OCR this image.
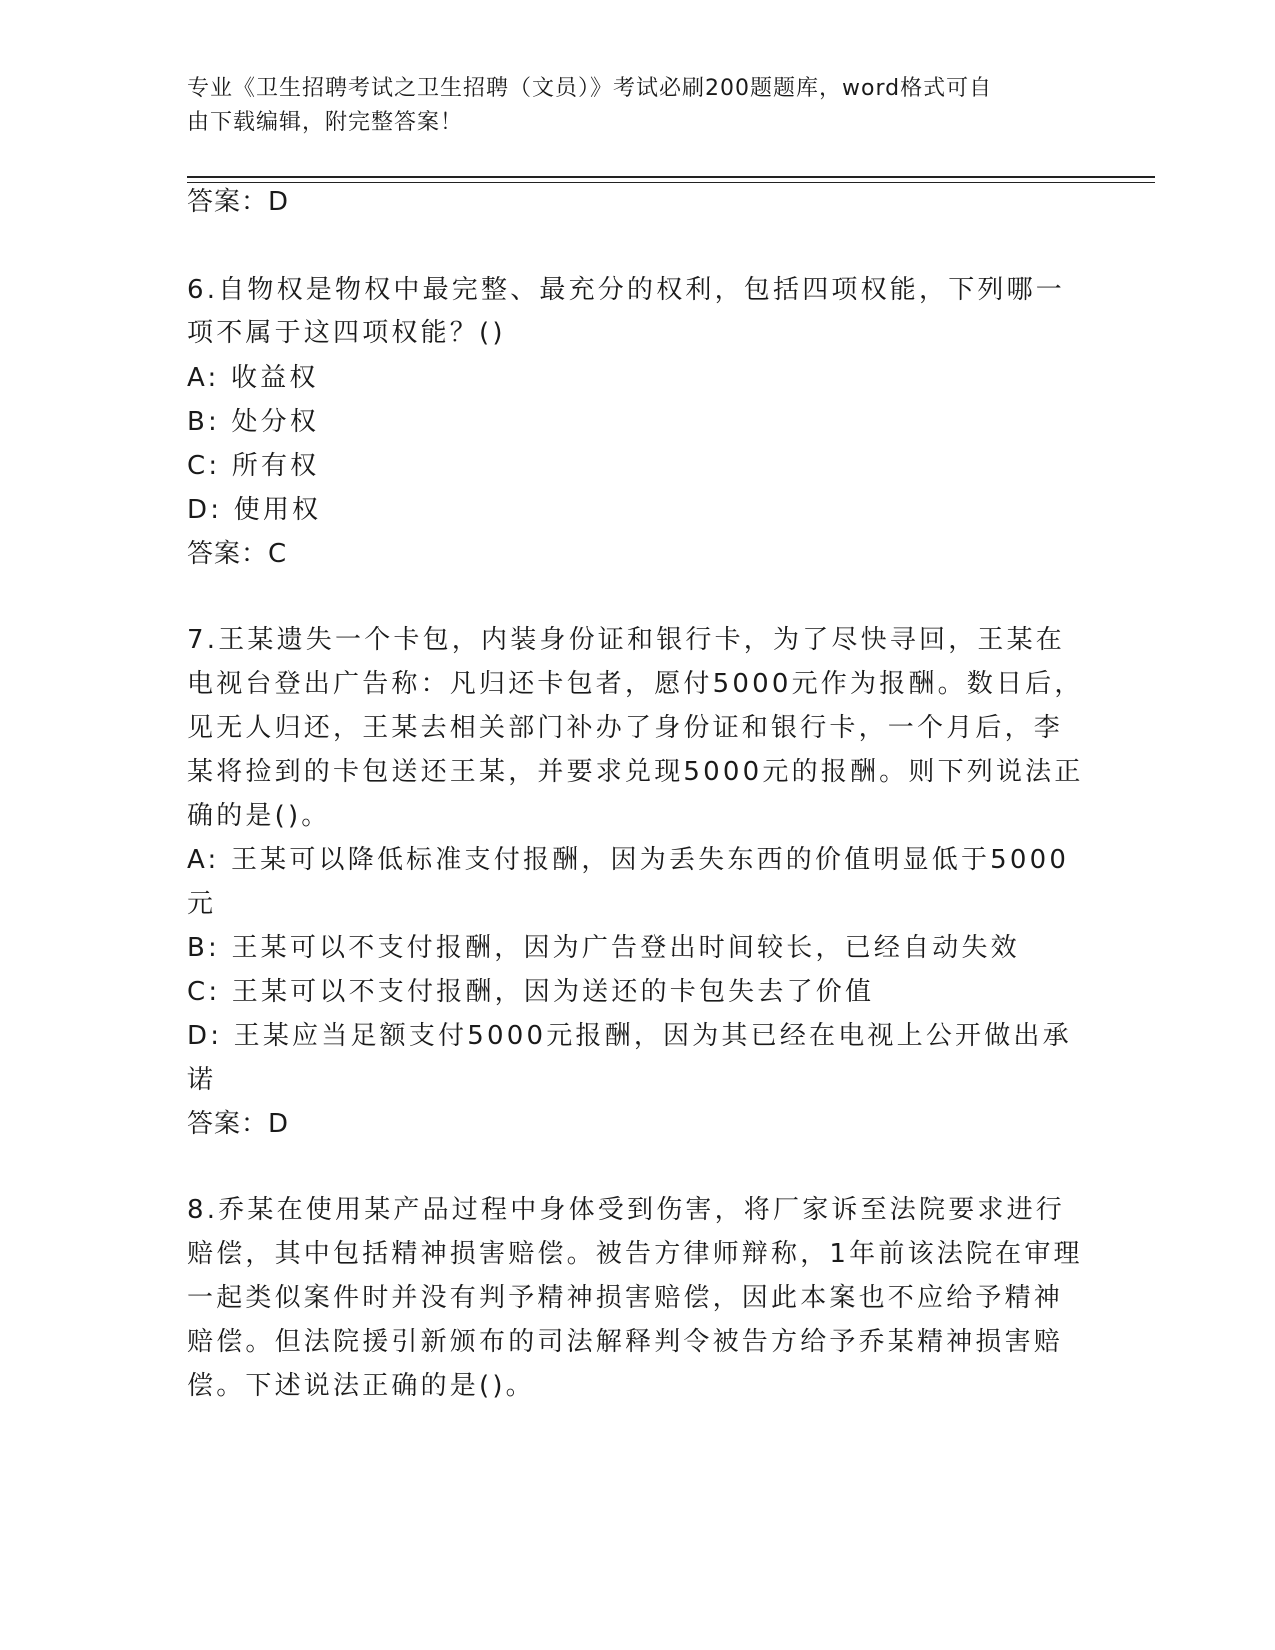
专业《卫生招聘考试之卫生招聘（文员）》考试必刷200题题库，word格式可自
由下载编辑，附完整答案！
答案：D
6.自物权是物权中最完整、最充分的权利，包括四项权能，下列哪一
项不属于这四项权能？()
A: 收益权
B: 处分权
C: 所有权
D: 使用权
答案：C
7.王某遗失一个卡包，内装身份证和银行卡，为了尽快寻回，王某在
电视台登出广告称：凡归还卡包者，愿付5000元作为报酬。数日后，
见无人归还，王某去相关部门补办了身份证和银行卡，一个月后，李
某将捡到的卡包送还王某，并要求兑现5000元的报酬。则下列说法正
确的是()。
A: 王某可以降低标准支付报酬，因为丢失东西的价值明显低于5000
元
B: 王某可以不支付报酬，因为广告登出时间较长，已经自动失效
C: 王某可以不支付报酬，因为送还的卡包失去了价值
D: 王某应当足额支付5000元报酬，因为其已经在电视上公开做出承
诺
答案：D
8.乔某在使用某产品过程中身体受到伤害，将厂家诉至法院要求进行
赔偿，其中包括精神损害赔偿。被告方律师辩称，1年前该法院在审理
一起类似案件时并没有判予精神损害赔偿，因此本案也不应给予精神
赔偿。但法院援引新颁布的司法解释判令被告方给予乔某精神损害赔
偿。下述说法正确的是()。
